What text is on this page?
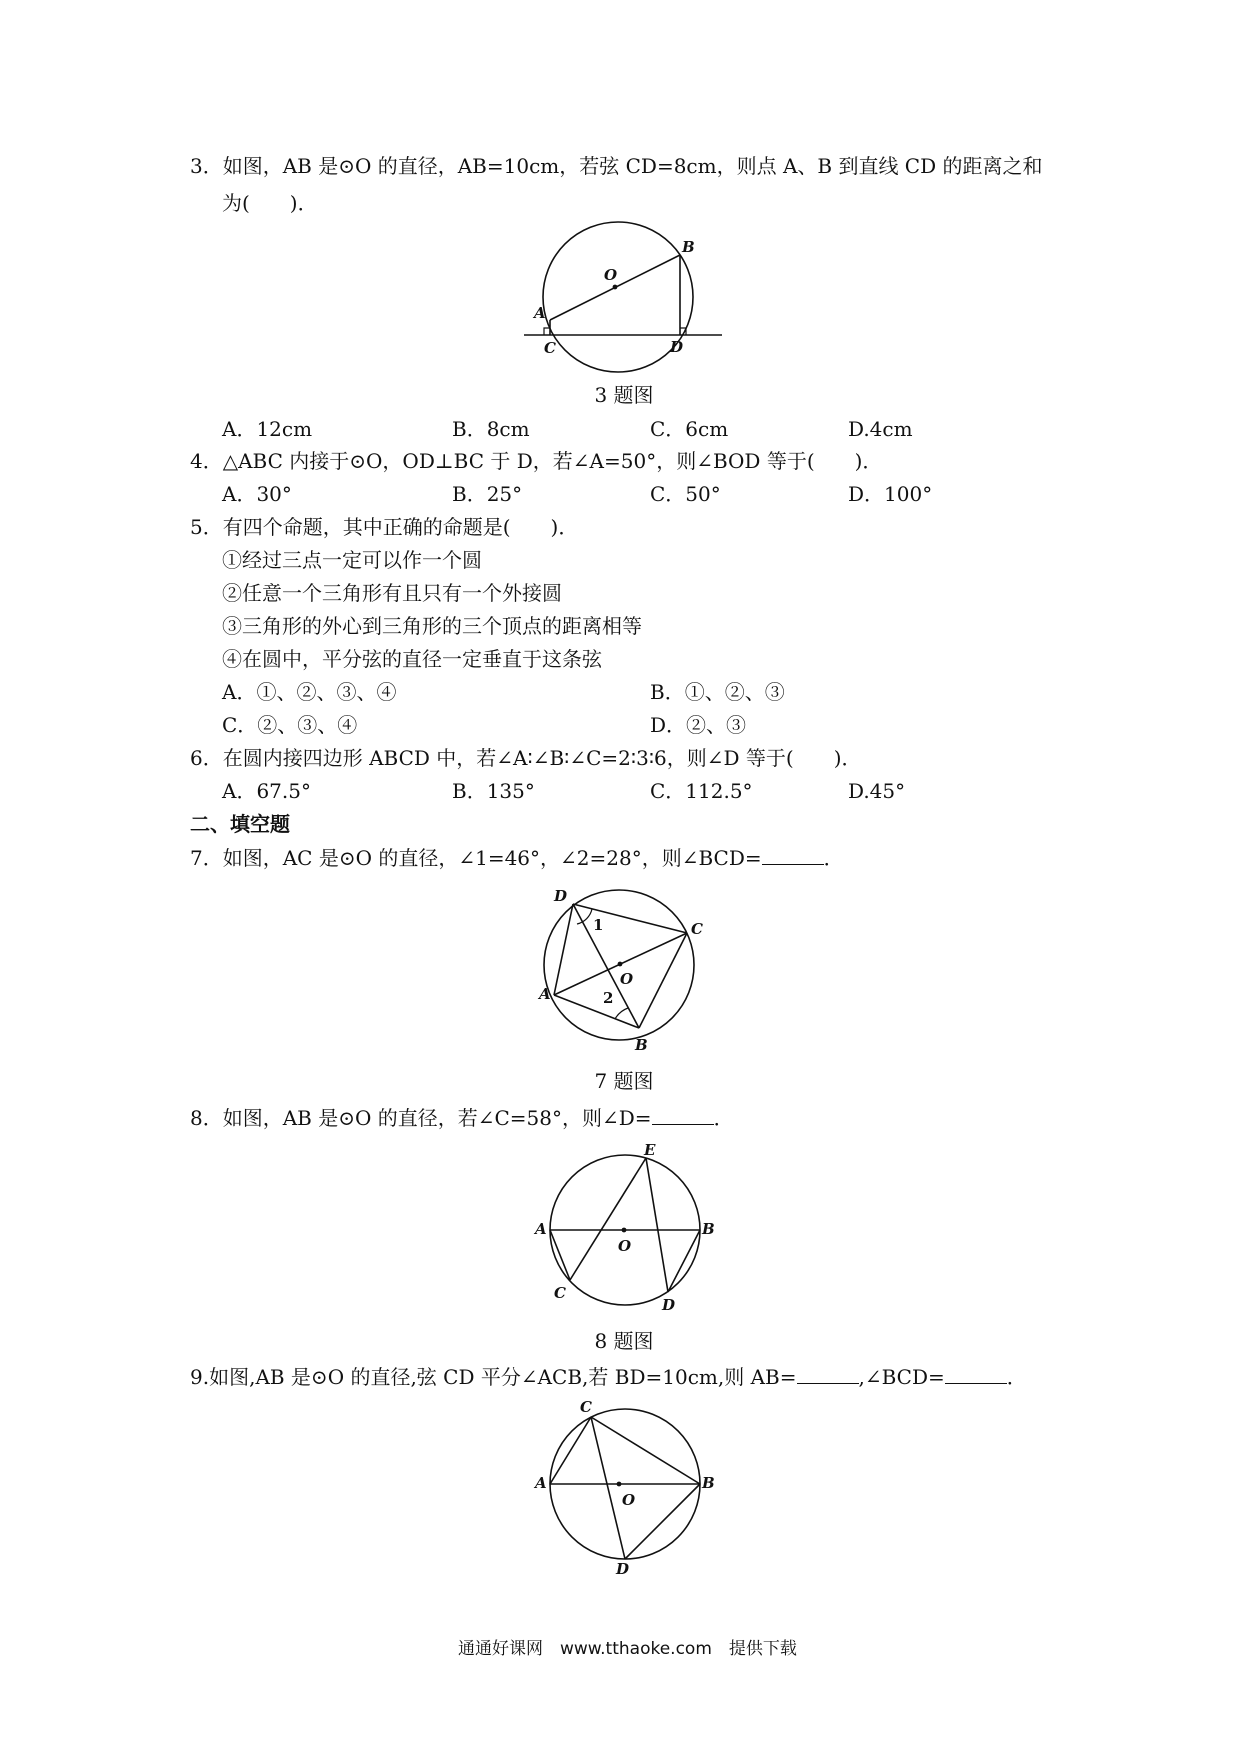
3．如图，AB 是⊙O 的直径，AB=10cm，若弦 CD=8cm，则点 A、B 到直线 CD 的距离之和
为(　　)．
O
B
A
C	D
3 题图
A．12cm	B．8cm	C．6cm	D.4cm
4．△ABC 内接于⊙O，OD⊥BC 于 D，若∠A=50°，则∠BOD 等于(　　)．
A．30°	B．25°	C．50°	D．100°
5．有四个命题，其中正确的命题是(　　)．
①经过三点一定可以作一个圆
②任意一个三角形有且只有一个外接圆
③三角形的外心到三角形的三个顶点的距离相等
④在圆中，平分弦的直径一定垂直于这条弦
A．①、②、③、④	B．①、②、③
C．②、③、④	D．②、③
6．在圆内接四边形 ABCD 中，若∠A∶∠B∶∠C=2∶3∶6，则∠D 等于(　　)．
A．67.5°	B．135°	C．112.5°	D.45°
二、填空题
7．如图，AC 是⊙O 的直径，∠1=46°，∠2=28°，则∠BCD=	．
D
C
A
B
O
1
2
7 题图
8．如图，AB 是⊙O 的直径，若∠C=58°，则∠D=	．
E
A	B
O
C
D
8 题图
9.如图,AB 是⊙O 的直径,弦 CD 平分∠ACB,若 BD=10cm,则 AB=	,∠BCD=	．
C
A	B
O
D
通通好课网　www.tthaoke.com　提供下载
